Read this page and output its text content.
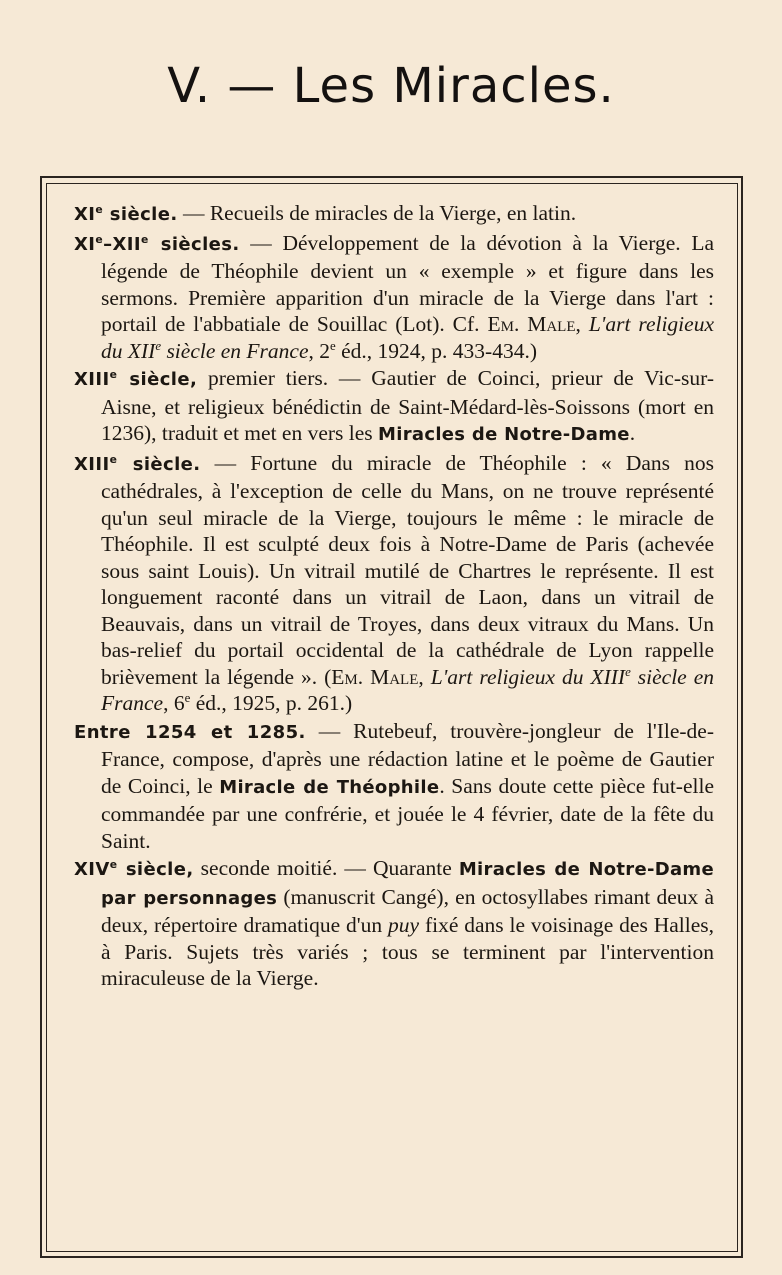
V. — Les Miracles.

XIe siècle. — Recueils de miracles de la Vierge, en latin.

XIe–XIIe siècles. — Développement de la dévotion à la Vierge. La légende de Théophile devient un « exemple » et figure dans les sermons. Première apparition d'un miracle de la Vierge dans l'art : portail de l'abbatiale de Souillac (Lot). Cf. Em. Male, L'art religieux du XIIe siècle en France, 2e éd., 1924, p. 433-434.)

XIIIe siècle, premier tiers. — Gautier de Coinci, prieur de Vic-sur-Aisne, et religieux bénédictin de Saint-Médard-lès-Soissons (mort en 1236), traduit et met en vers les Miracles de Notre-Dame.

XIIIe siècle. — Fortune du miracle de Théophile : « Dans nos cathédrales, à l'exception de celle du Mans, on ne trouve représenté qu'un seul miracle de la Vierge, toujours le même : le miracle de Théophile. Il est sculpté deux fois à Notre-Dame de Paris (achevée sous saint Louis). Un vitrail mutilé de Chartres le représente. Il est longuement raconté dans un vitrail de Laon, dans un vitrail de Beauvais, dans un vitrail de Troyes, dans deux vitraux du Mans. Un bas-relief du portail occidental de la cathédrale de Lyon rappelle brièvement la légende ». (Em. Male, L'art religieux du XIIIe siècle en France, 6e éd., 1925, p. 261.)

Entre 1254 et 1285. — Rutebeuf, trouvère-jongleur de l'Ile-de-France, compose, d'après une rédaction latine et le poème de Gautier de Coinci, le Miracle de Théophile. Sans doute cette pièce fut-elle commandée par une confrérie, et jouée le 4 février, date de la fête du Saint.

XIVe siècle, seconde moitié. — Quarante Miracles de Notre-Dame par personnages (manuscrit Cangé), en octosyllabes rimant deux à deux, répertoire dramatique d'un puy fixé dans le voisinage des Halles, à Paris. Sujets très variés ; tous se terminent par l'intervention miraculeuse de la Vierge.
